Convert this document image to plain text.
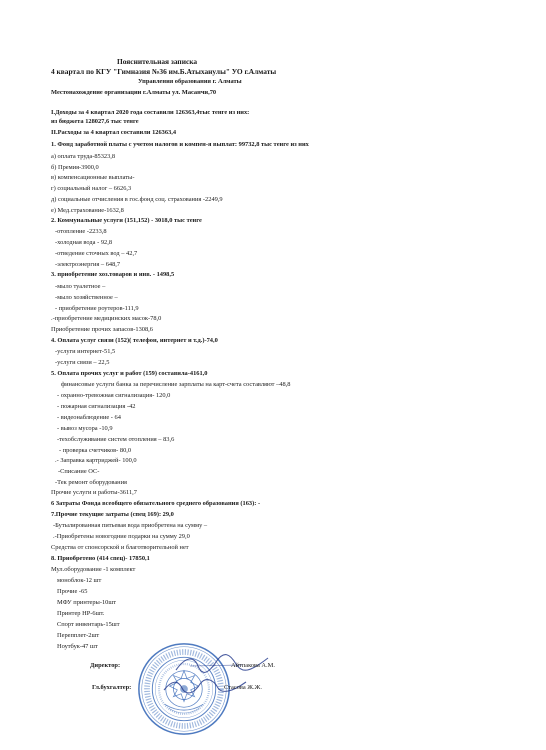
Пояснительная записка
4 квартал по КГУ "Гимназия №36 им.Б.Атыханулы" УО г.Алматы
Управления образования г. Алматы
Местонахождение организации г.Алматы ул. Масанчи,70
I.Доходы за 4 квартал 2020 года составили 126363,4тыс тенге из них:
из бюджета 128027,6 тыс тенге
II.Расходы за 4 квартал составили 126363,4
1. Фонд заработной платы с учетом налогов и компен-я выплат: 99732,8 тыс тенге из них
а) оплата труда-85323,8
б) Премия-3900,0
в) компенсационные выплаты-
г) социальный налог – 6626,3
д) социальные отчисления в гос.фонд соц. страхования -2249,9
е) Мед.страхование-1632,8
2. Коммунальные услуги (151,152) - 3018,0 тыс тенге
-отопление -2233,8
-холодная вода - 92,8
-отведение сточных вод – 42,7
-электроэнергия – 648,7
3. приобретение хоз.товаров и инв. - 1498,5
-мыло туалетное –
-мыло хозяйственное –
- приобретение роутеров-111,9
.-приобретение медицинских масок-78,0
Приобретение прочих запасов-1308,6
4. Оплата услуг связи (152)( телефон, интернет и т.д.)-74,0
-услуги интернет-51,5
-услуги связи – 22,5
5. Оплата прочих услуг и работ (159) составила-4161,0
финансовые услуги банка за перечисление зарплаты на карт-счета составляют –48,8
- охранно-тревожная сигнализация- 120,0
- пожарная сигнализация -42
- видеонаблюдение - 64
- вывоз мусора -10,9
-техобслуживание систем отопления – 83,6
- проверка счетчиков- 80,0
.- Заправка картриджей- 100,0
-Списание ОС-
-Тек ремонт оборудования
Прочие услуги и работы-3611,7
6 Затраты Фонда всеобщего обязательного среднего образования (163): -
7.Прочие текущие затраты (спец 169): 29,0
-Бутылированная питьевая вода приобретена на сумму –
.-Приобретены новогодние подарки на сумму 29,0
Средства от спонсорской и благотворительной нет
8. Приобретено (414 спец)- 17850,1
Мул.оборудование -1 комплект
моноблок-12 шт
Прочие -65
МФУ принтеры-10шт
Принтер HP-6шт.
Спорт инвентарь-15шт
Перепплет-2шт
Ноутбук-47 шт
Директор:	Айтпакова А.М.
Гл.бухгалтер:	Стасова Ж.Ж.
